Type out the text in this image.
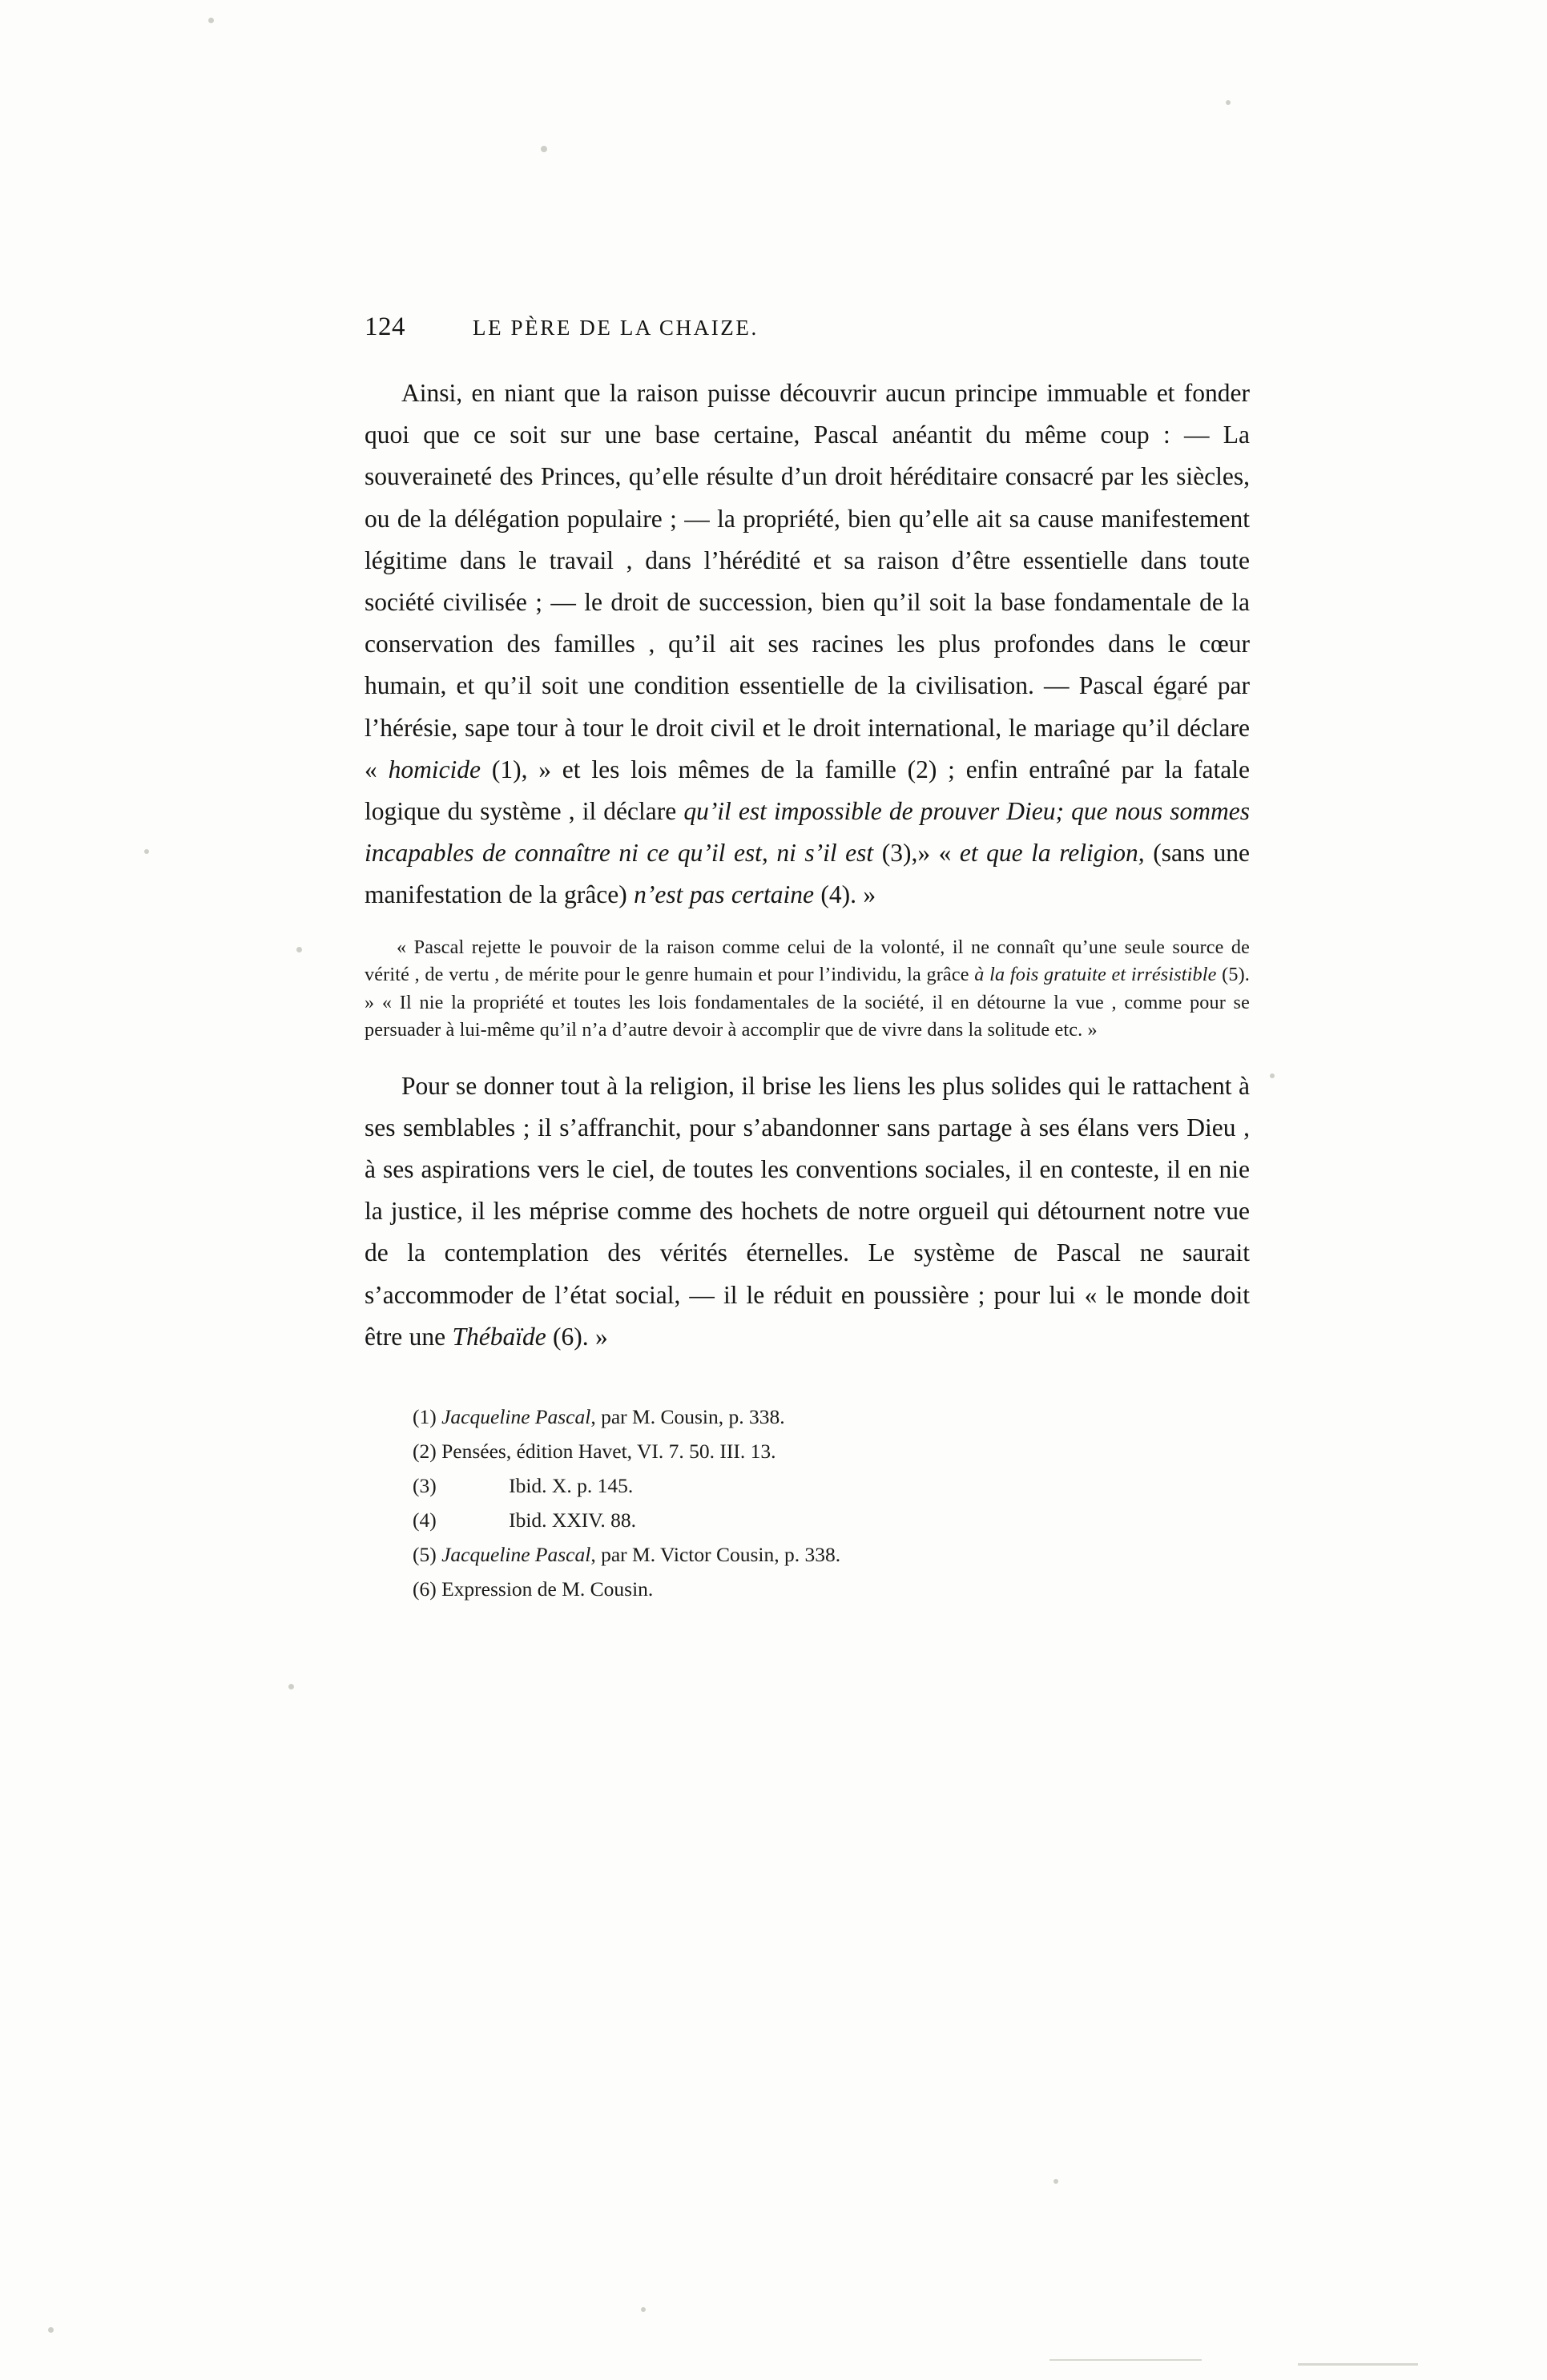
124	LE PÈRE DE LA CHAIZE.

Ainsi, en niant que la raison puisse découvrir aucun principe immuable et fonder quoi que ce soit sur une base certaine, Pascal anéantit du même coup : — La souveraineté des Princes, qu’elle résulte d’un droit héréditaire consacré par les siècles, ou de la délégation populaire ; — la propriété, bien qu’elle ait sa cause manifestement légitime dans le travail , dans l’hérédité et sa raison d’être essentielle dans toute société civilisée ; — le droit de succession, bien qu’il soit la base fondamentale de la conservation des familles , qu’il ait ses racines les plus profondes dans le cœur humain, et qu’il soit une condition essentielle de la civilisation. — Pascal égaré par l’hérésie, sape tour à tour le droit civil et le droit international, le mariage qu’il déclare « homicide (1), » et les lois mêmes de la famille (2) ; enfin entraîné par la fatale logique du système , il déclare qu’il est impossible de prouver Dieu; que nous sommes incapables de connaître ni ce qu’il est, ni s’il est (3),» « et que la religion, (sans une manifestation de la grâce) n’est pas certaine (4). »

« Pascal rejette le pouvoir de la raison comme celui de la volonté, il ne connaît qu’une seule source de vérité , de vertu , de mérite pour le genre humain et pour l’individu, la grâce à la fois gratuite et irrésistible (5). » « Il nie la propriété et toutes les lois fondamentales de la société, il en détourne la vue , comme pour se persuader à lui-même qu’il n’a d’autre devoir à accomplir que de vivre dans la solitude etc. »

Pour se donner tout à la religion, il brise les liens les plus solides qui le rattachent à ses semblables ; il s’affranchit, pour s’abandonner sans partage à ses élans vers Dieu , à ses aspirations vers le ciel, de toutes les conventions sociales, il en conteste, il en nie la justice, il les méprise comme des hochets de notre orgueil qui détournent notre vue de la contemplation des vérités éternelles. Le système de Pascal ne saurait s’accommoder de l’état social, — il le réduit en poussière ; pour lui « le monde doit être une Thébaïde (6). »

(1) Jacqueline Pascal, par M. Cousin, p. 338.
(2) Pensées, édition Havet, VI. 7. 50. III. 13.
(3)	Ibid. X. p. 145.
(4)	Ibid. XXIV. 88.
(5) Jacqueline Pascal, par M. Victor Cousin, p. 338.
(6) Expression de M. Cousin.
